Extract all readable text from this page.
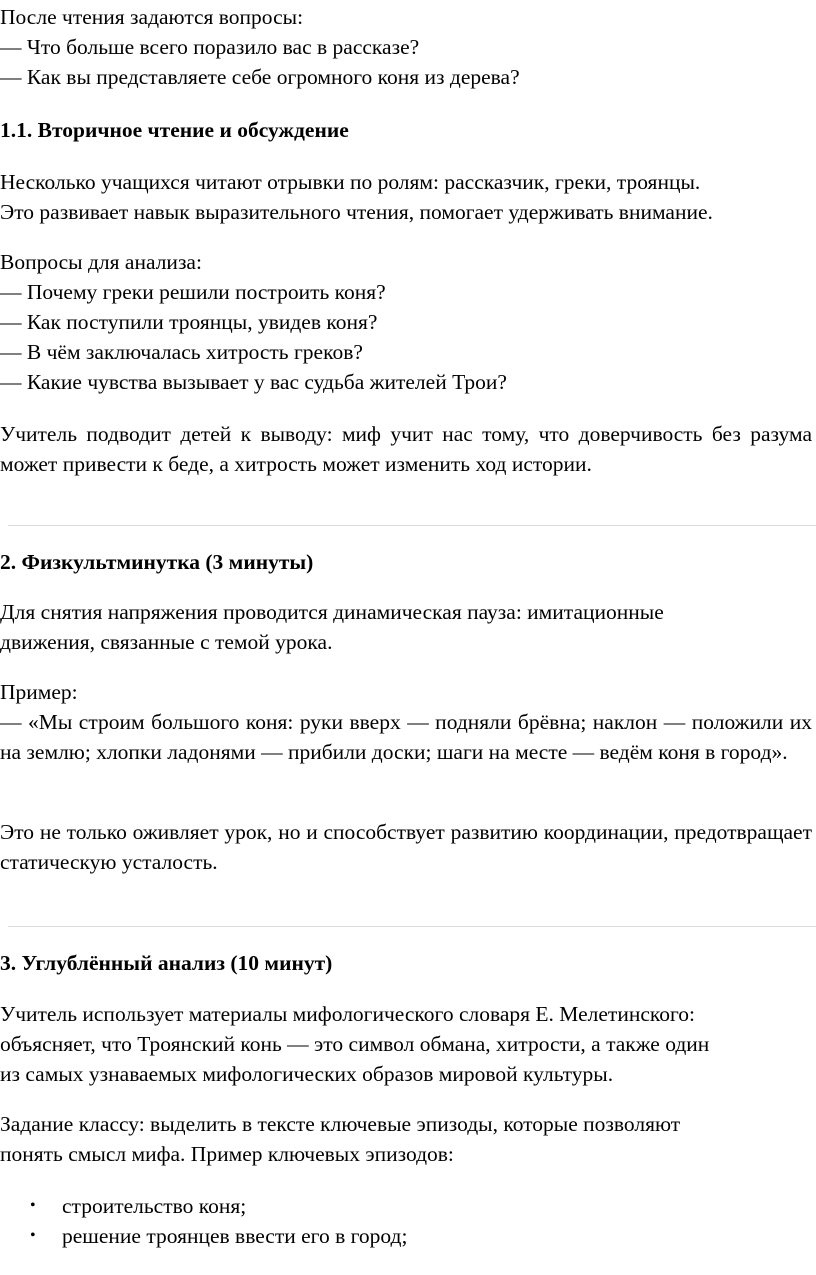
После чтения задаются вопросы:
— Что больше всего поразило вас в рассказе?
— Как вы представляете себе огромного коня из дерева?
1.1. Вторичное чтение и обсуждение
Несколько учащихся читают отрывки по ролям: рассказчик, греки, троянцы.
Это развивает навык выразительного чтения, помогает удерживать внимание.
Вопросы для анализа:
— Почему греки решили построить коня?
— Как поступили троянцы, увидев коня?
— В чём заключалась хитрость греков?
— Какие чувства вызывает у вас судьба жителей Трои?
Учитель подводит детей к выводу: миф учит нас тому, что доверчивость без разума может привести к беде, а хитрость может изменить ход истории.
2. Физкультминутка (3 минуты)
Для снятия напряжения проводится динамическая пауза: имитационные
движения, связанные с темой урока.
Пример:
— «Мы строим большого коня: руки вверх — подняли брёвна; наклон — положили их на землю; хлопки ладонями — прибили доски; шаги на месте — ведём коня в город».
Это не только оживляет урок, но и способствует развитию координации, предотвращает статическую усталость.
3. Углублённый анализ (10 минут)
Учитель использует материалы мифологического словаря Е. Мелетинского:
объясняет, что Троянский конь — это символ обмана, хитрости, а также один
из самых узнаваемых мифологических образов мировой культуры.
Задание классу: выделить в тексте ключевые эпизоды, которые позволяют
понять смысл мифа. Пример ключевых эпизодов:
• строительство коня;
• решение троянцев ввести его в город;
